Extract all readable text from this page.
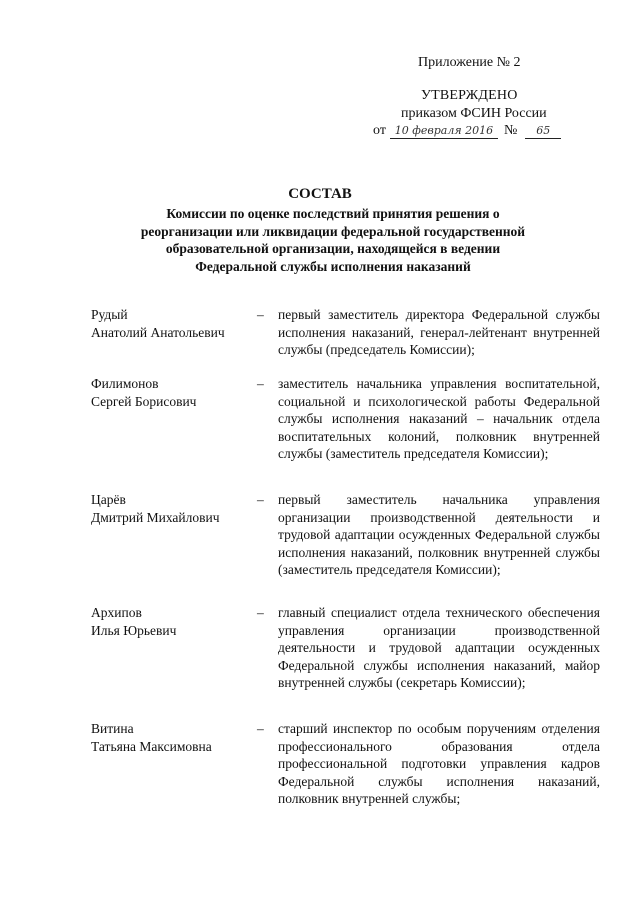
Приложение № 2
УТВЕРЖДЕНО
приказом ФСИН России
от 10 февраля 2016 №	65
СОСТАВ
Комиссии по оценке последствий принятия решения о реорганизации или ликвидации федеральной государственной образовательной организации, находящейся в ведении Федеральной службы исполнения наказаний
Рудый
Анатолий Анатольевич
– первый заместитель директора Федеральной службы исполнения наказаний, генерал-лейтенант внутренней службы (председатель Комиссии);
Филимонов
Сергей Борисович
– заместитель начальника управления воспитательной, социальной и психологической работы Федеральной службы исполнения наказаний – начальник отдела воспитательных колоний, полковник внутренней службы (заместитель председателя Комиссии);
Царёв
Дмитрий Михайлович
– первый заместитель начальника управления организации производственной деятельности и трудовой адаптации осужденных Федеральной службы исполнения наказаний, полковник внутренней службы (заместитель председателя Комиссии);
Архипов
Илья Юрьевич
– главный специалист отдела технического обеспечения управления организации производственной деятельности и трудовой адаптации осужденных Федеральной службы исполнения наказаний, майор внутренней службы (секретарь Комиссии);
Витина
Татьяна Максимовна
– старший инспектор по особым поручениям отделения профессионального образования отдела профессиональной подготовки управления кадров Федеральной службы исполнения наказаний, полковник внутренней службы;
